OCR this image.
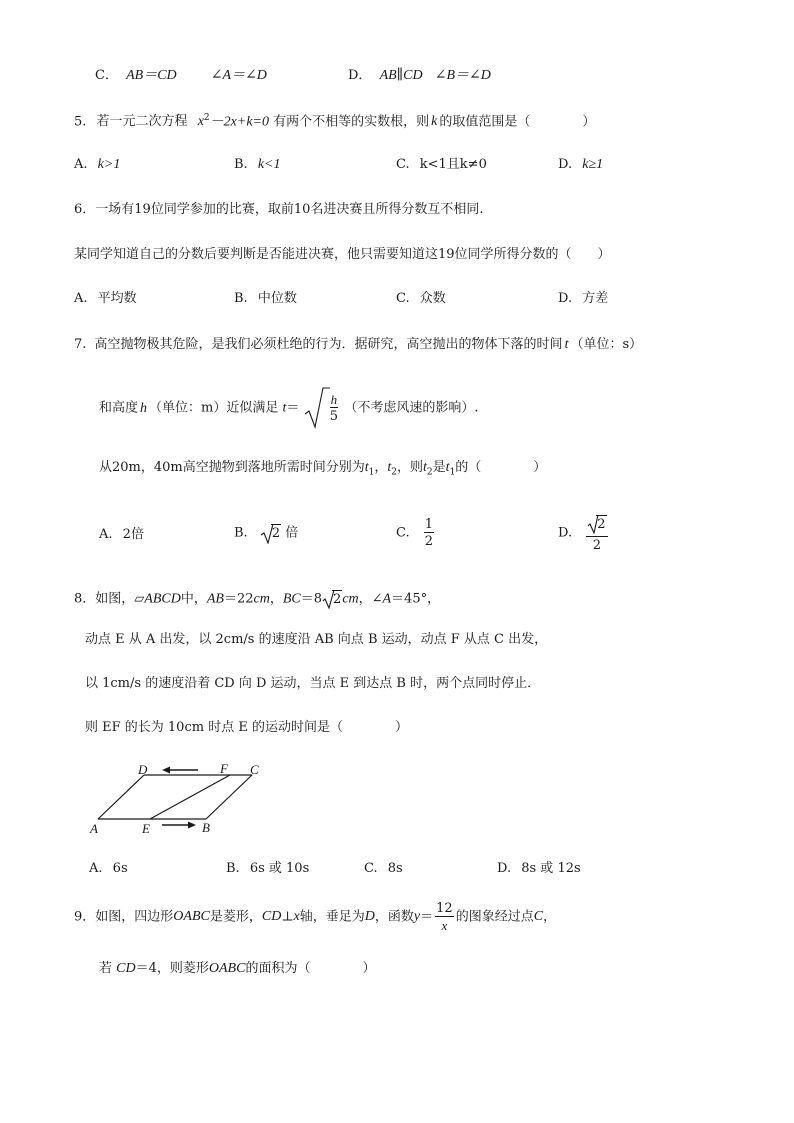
C． AB＝CD ∠A＝∠D	D． AB∥CD ∠B＝∠D
5. 若一元二次方程 $x^2-2x+k=0$ 有两个不相等的实数根，则 k 的取值范围是（　　　　）
A. k>1	B. k<1	C. k<1且k≠0	D. k≥1
6．一场有19位同学参加的比赛，取前10名进决赛且所得分数互不相同.
某同学知道自己的分数后要判断是否能进决赛，他只需要知道这19位同学所得分数的（　　）
A. 平均数	B. 中位数	C. 众数	D. 方差
7. 高空抛物极其危险，是我们必须杜绝的行为．据研究，高空抛出的物体下落的时间 t （单位：s）
和高度 h （单位：m）近似满足 $t= \frac{h}{5}$ （不考虑风速的影响）.
从20m，40m高空抛物到落地所需时间分别为$t_1$，$t_2$，则$t_2$是$t_1$的（　　　　）
A. 2倍	B. 2 倍	C. $\frac{1}{2}$	D. $\frac{2}{2}$
8．如图，▱ABCD中，AB＝22cm，BC＝8 2cm，∠A＝45°，
动点 E 从 A 出发，以 2cm/s 的速度沿 AB 向点 B 运动，动点 F 从点 C 出发，
以 1cm/s 的速度沿着 CD 向 D 运动，当点 E 到达点 B 时，两个点同时停止．
则 EF 的长为 10cm 时点 E 的运动时间是（　　　　）
A	E	B
D	F C
A. 6s	B. 6s 或 10s	C. 8s	D. 8s 或 12s
9．如图，四边形OABC是菱形，CD⊥x轴，垂足为D，函数$y= \frac{12}{x}$ 的图象经过点C，
若 CD＝4，则菱形OABC的面积为（　　　　）
